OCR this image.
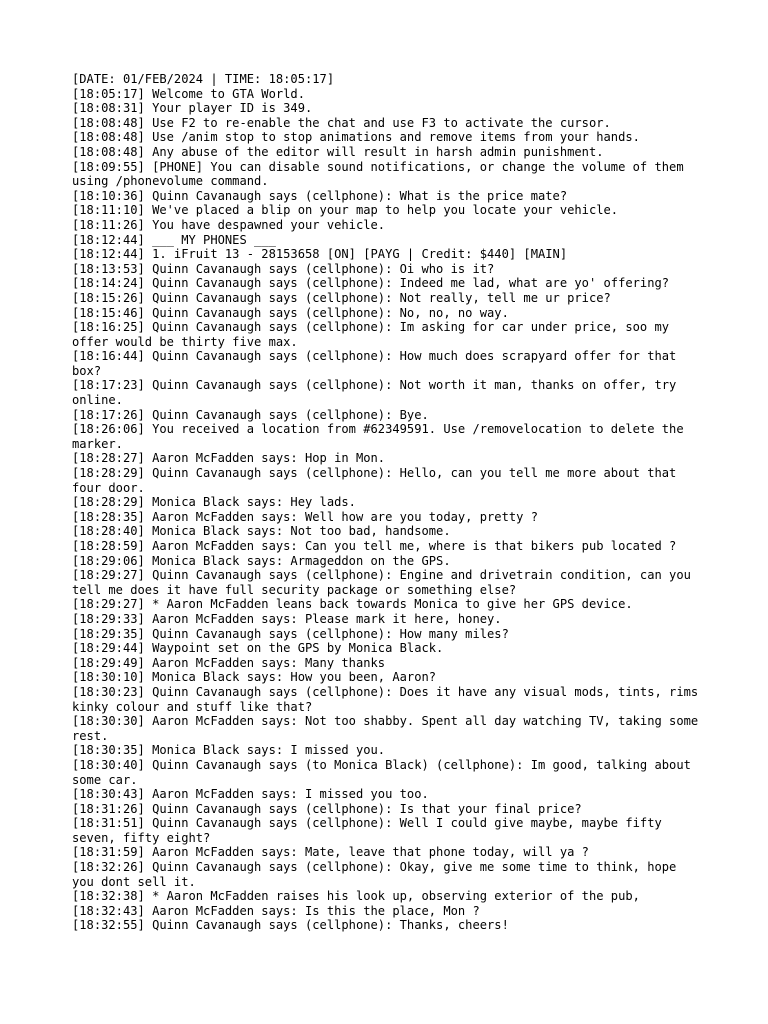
[DATE: 01/FEB/2024 | TIME: 18:05:17]
[18:05:17] Welcome to GTA World.
[18:08:31] Your player ID is 349.
[18:08:48] Use F2 to re-enable the chat and use F3 to activate the cursor.
[18:08:48] Use /anim stop to stop animations and remove items from your hands.
[18:08:48] Any abuse of the editor will result in harsh admin punishment.
[18:09:55] [PHONE] You can disable sound notifications, or change the volume of them using /phonevolume command.
[18:10:36] Quinn Cavanaugh says (cellphone): What is the price mate?
[18:11:10] We've placed a blip on your map to help you locate your vehicle.
[18:11:26] You have despawned your vehicle.
[18:12:44] ___ MY PHONES ___
[18:12:44] 1. iFruit 13 - 28153658 [ON] [PAYG | Credit: $440] [MAIN]
[18:13:53] Quinn Cavanaugh says (cellphone): Oi who is it?
[18:14:24] Quinn Cavanaugh says (cellphone): Indeed me lad, what are yo' offering?
[18:15:26] Quinn Cavanaugh says (cellphone): Not really, tell me ur price?
[18:15:46] Quinn Cavanaugh says (cellphone): No, no, no way.
[18:16:25] Quinn Cavanaugh says (cellphone): Im asking for car under price, soo my offer would be thirty five max.
[18:16:44] Quinn Cavanaugh says (cellphone): How much does scrapyard offer for that box?
[18:17:23] Quinn Cavanaugh says (cellphone): Not worth it man, thanks on offer, try online.
[18:17:26] Quinn Cavanaugh says (cellphone): Bye.
[18:26:06] You received a location from #62349591. Use /removelocation to delete the marker.
[18:28:27] Aaron McFadden says: Hop in Mon.
[18:28:29] Quinn Cavanaugh says (cellphone): Hello, can you tell me more about that four door.
[18:28:29] Monica Black says: Hey lads.
[18:28:35] Aaron McFadden says: Well how are you today, pretty ?
[18:28:40] Monica Black says: Not too bad, handsome.
[18:28:59] Aaron McFadden says: Can you tell me, where is that bikers pub located ?
[18:29:06] Monica Black says: Armageddon on the GPS.
[18:29:27] Quinn Cavanaugh says (cellphone): Engine and drivetrain condition, can you tell me does it have full security package or something else?
[18:29:27] * Aaron McFadden leans back towards Monica to give her GPS device.
[18:29:33] Aaron McFadden says: Please mark it here, honey.
[18:29:35] Quinn Cavanaugh says (cellphone): How many miles?
[18:29:44] Waypoint set on the GPS by Monica Black.
[18:29:49] Aaron McFadden says: Many thanks
[18:30:10] Monica Black says: How you been, Aaron?
[18:30:23] Quinn Cavanaugh says (cellphone): Does it have any visual mods, tints, rims kinky colour and stuff like that?
[18:30:30] Aaron McFadden says: Not too shabby. Spent all day watching TV, taking some rest.
[18:30:35] Monica Black says: I missed you.
[18:30:40] Quinn Cavanaugh says (to Monica Black) (cellphone): Im good, talking about some car.
[18:30:43] Aaron McFadden says: I missed you too.
[18:31:26] Quinn Cavanaugh says (cellphone): Is that your final price?
[18:31:51] Quinn Cavanaugh says (cellphone): Well I could give maybe, maybe fifty seven, fifty eight?
[18:31:59] Aaron McFadden says: Mate, leave that phone today, will ya ?
[18:32:26] Quinn Cavanaugh says (cellphone): Okay, give me some time to think, hope you dont sell it.
[18:32:38] * Aaron McFadden raises his look up, observing exterior of the pub,
[18:32:43] Aaron McFadden says: Is this the place, Mon ?
[18:32:55] Quinn Cavanaugh says (cellphone): Thanks, cheers!
